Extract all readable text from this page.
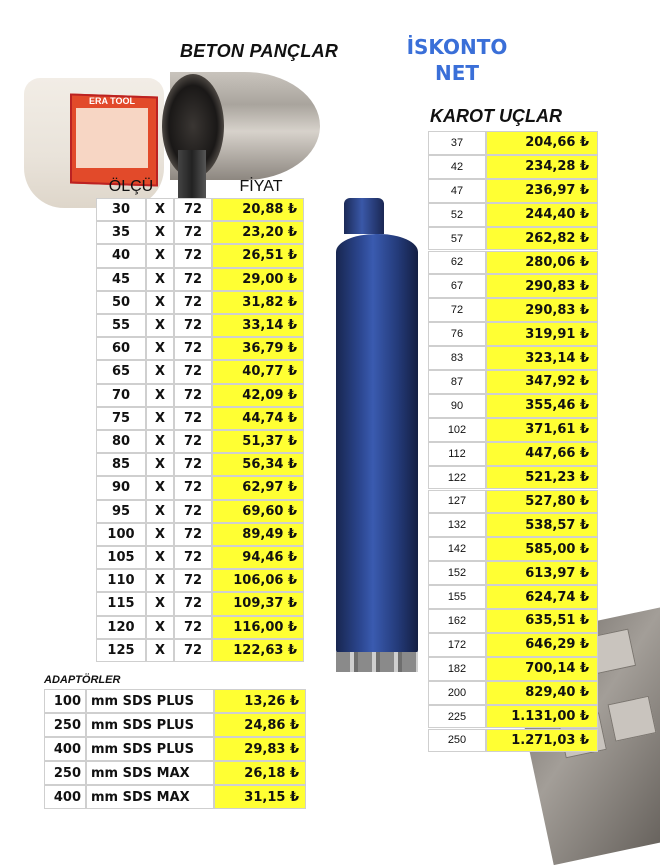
ERA TOOL
BETON PANÇLAR	İSKONTO
NET
KAROT UÇLAR
ADAPTÖRLER
ÖLÇÜ	FİYAT
30	X	72	20,88 ₺
35	X	72	23,20 ₺
40	X	72	26,51 ₺
45	X	72	29,00 ₺
50	X	72	31,82 ₺
55	X	72	33,14 ₺
60	X	72	36,79 ₺
65	X	72	40,77 ₺
70	X	72	42,09 ₺
75	X	72	44,74 ₺
80	X	72	51,37 ₺
85	X	72	56,34 ₺
90	X	72	62,97 ₺
95	X	72	69,60 ₺
100	X	72	89,49 ₺
105	X	72	94,46 ₺
110	X	72	106,06 ₺
115	X	72	109,37 ₺
120	X	72	116,00 ₺
125	X	72	122,63 ₺
100 mm SDS PLUS	13,26 ₺
250 mm SDS PLUS	24,86 ₺
400 mm SDS PLUS	29,83 ₺
250 mm SDS MAX	26,18 ₺
400 mm SDS MAX	31,15 ₺
37	204,66 ₺
42	234,28 ₺
47	236,97 ₺
52	244,40 ₺
57	262,82 ₺
62	280,06 ₺
67	290,83 ₺
72	290,83 ₺
76	319,91 ₺
83	323,14 ₺
87	347,92 ₺
90	355,46 ₺
102	371,61 ₺
112	447,66 ₺
122	521,23 ₺
127	527,80 ₺
132	538,57 ₺
142	585,00 ₺
152	613,97 ₺
155	624,74 ₺
162	635,51 ₺
172	646,29 ₺
182	700,14 ₺
200	829,40 ₺
225	1.131,00 ₺
250	1.271,03 ₺
